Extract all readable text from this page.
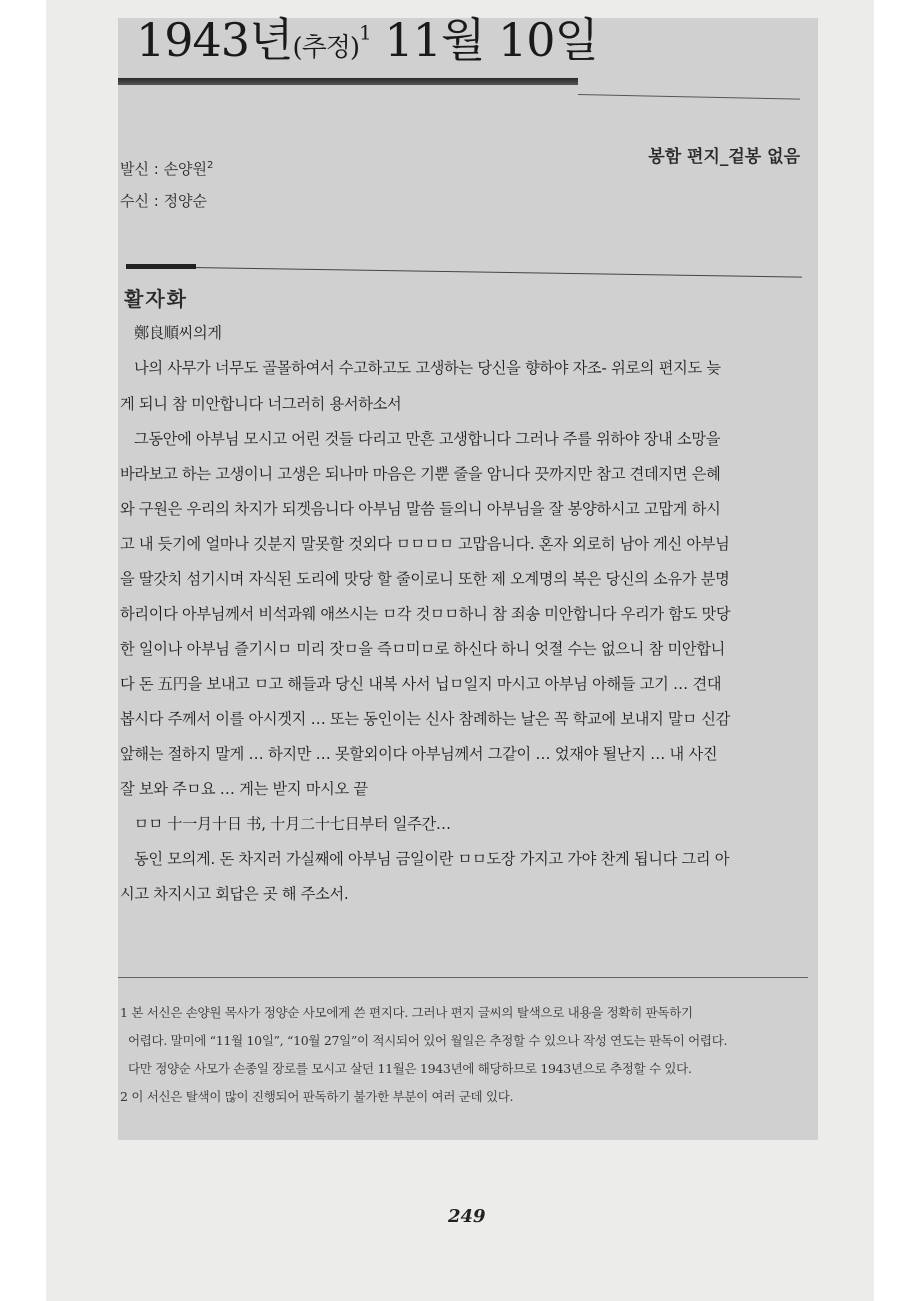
1943년(추정)$^1$ 11월 10일
봉함 편지_겉봉 없음
발신 : 손양원$^2$
수신 : 정양순
활자화
鄭良順씨의게
나의 사무가 너무도 골몰하여서 수고하고도 고생하는 당신을 향하야 자조- 위로의 편지도 늦
게 되니 참 미안합니다 너그러히 용서하소서
그동안에 아부님 모시고 어린 것들 다리고 만흔 고생합니다 그러나 주를 위하야 장내 소망을
바라보고 하는 고생이니 고생은 되나마 마음은 기뿐 줄을 암니다 끗까지만 참고 견데지면 은혜
와 구원은 우리의 차지가 되겟음니다 아부님 말씀 들의니 아부님을 잘 봉양하시고 고맙게 하시
고 내 듯기에 얼마나 깃분지 말못할 것외다 ㅁㅁㅁㅁ 고맙음니다. 혼자 외로히 남아 게신 아부님
을 딸갓치 섬기시며 자식된 도리에 맛당 할 줄이로니 또한 제 오계명의 복은 당신의 소유가 분명
하리이다 아부님께서 비석과웨 애쓰시는 ㅁ각 것ㅁㅁ하니 참 죄송 미안합니다 우리가 함도 맛당
한 일이나 아부님 즐기시ㅁ 미리 잣ㅁ을 즉ㅁ미ㅁ로 하신다 하니 엇졀 수는 없으니 참 미안합니
다 돈 五円을 보내고 ㅁ고 해들과 당신 내복 사서 닙ㅁ일지 마시고 아부님 아해들 고기 … 견대
봅시다 주께서 이를 아시겟지 … 또는 동인이는 신사 참례하는 날은 꼭 학교에 보내지 말ㅁ 신감
앞해는 절하지 말게 … 하지만 … 못할외이다 아부님께서 그같이 … 었재야 될난지 … 내 사진
잘 보와 주ㅁ요 … 게는 받지 마시오 끝
ㅁㅁ 十一月十日 书, 十月二十七日부터 일주간…
동인 모의게. 돈 차지러 가실째에 아부님 금일이란 ㅁㅁ도장 가지고 가야 찬게 됩니다 그리 아
시고 차지시고 회답은 곳 해 주소서.
1 본 서신은 손양원 목사가 정양순 사모에게 쓴 편지다. 그러나 편지 글씨의 탈색으로 내용을 정확히 판독하기
어렵다. 말미에 “11월 10일”, “10월 27일”이 적시되어 있어 월일은 추정할 수 있으나 작성 연도는 판독이 어렵다.
다만 정양순 사모가 손종일 장로를 모시고 살던 11월은 1943년에 해당하므로 1943년으로 추정할 수 있다.
2 이 서신은 탈색이 많이 진행되어 판독하기 불가한 부분이 여러 군데 있다.
249
